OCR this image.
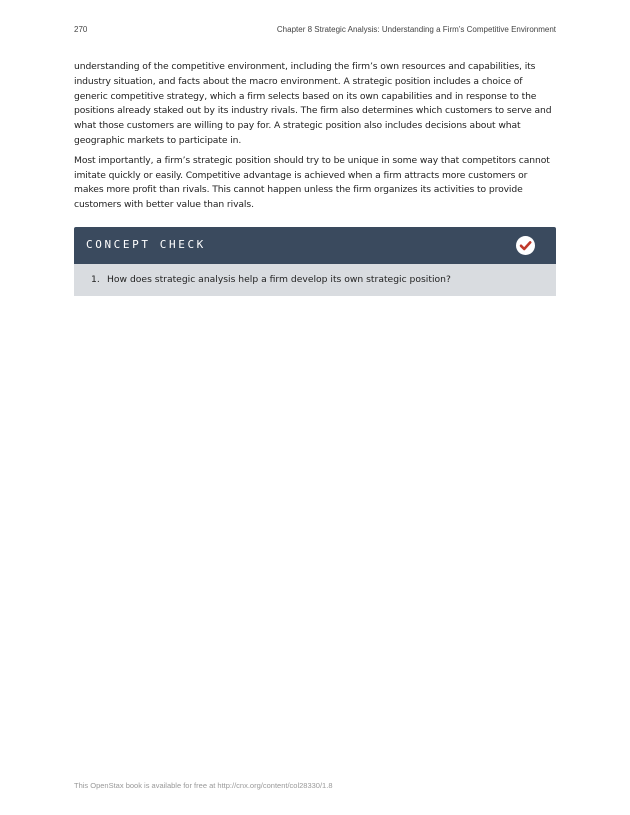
270	Chapter 8 Strategic Analysis: Understanding a Firm’s Competitive Environment

understanding of the competitive environment, including the firm’s own resources and capabilities, its industry situation, and facts about the macro environment. A strategic position includes a choice of generic competitive strategy, which a firm selects based on its own capabilities and in response to the positions already staked out by its industry rivals. The firm also determines which customers to serve and what those customers are willing to pay for. A strategic position also includes decisions about what geographic markets to participate in.

Most importantly, a firm’s strategic position should try to be unique in some way that competitors cannot imitate quickly or easily. Competitive advantage is achieved when a firm attracts more customers or makes more profit than rivals. This cannot happen unless the firm organizes its activities to provide customers with better value than rivals.

CONCEPT CHECK
1. How does strategic analysis help a firm develop its own strategic position?
This OpenStax book is available for free at http://cnx.org/content/col28330/1.8
